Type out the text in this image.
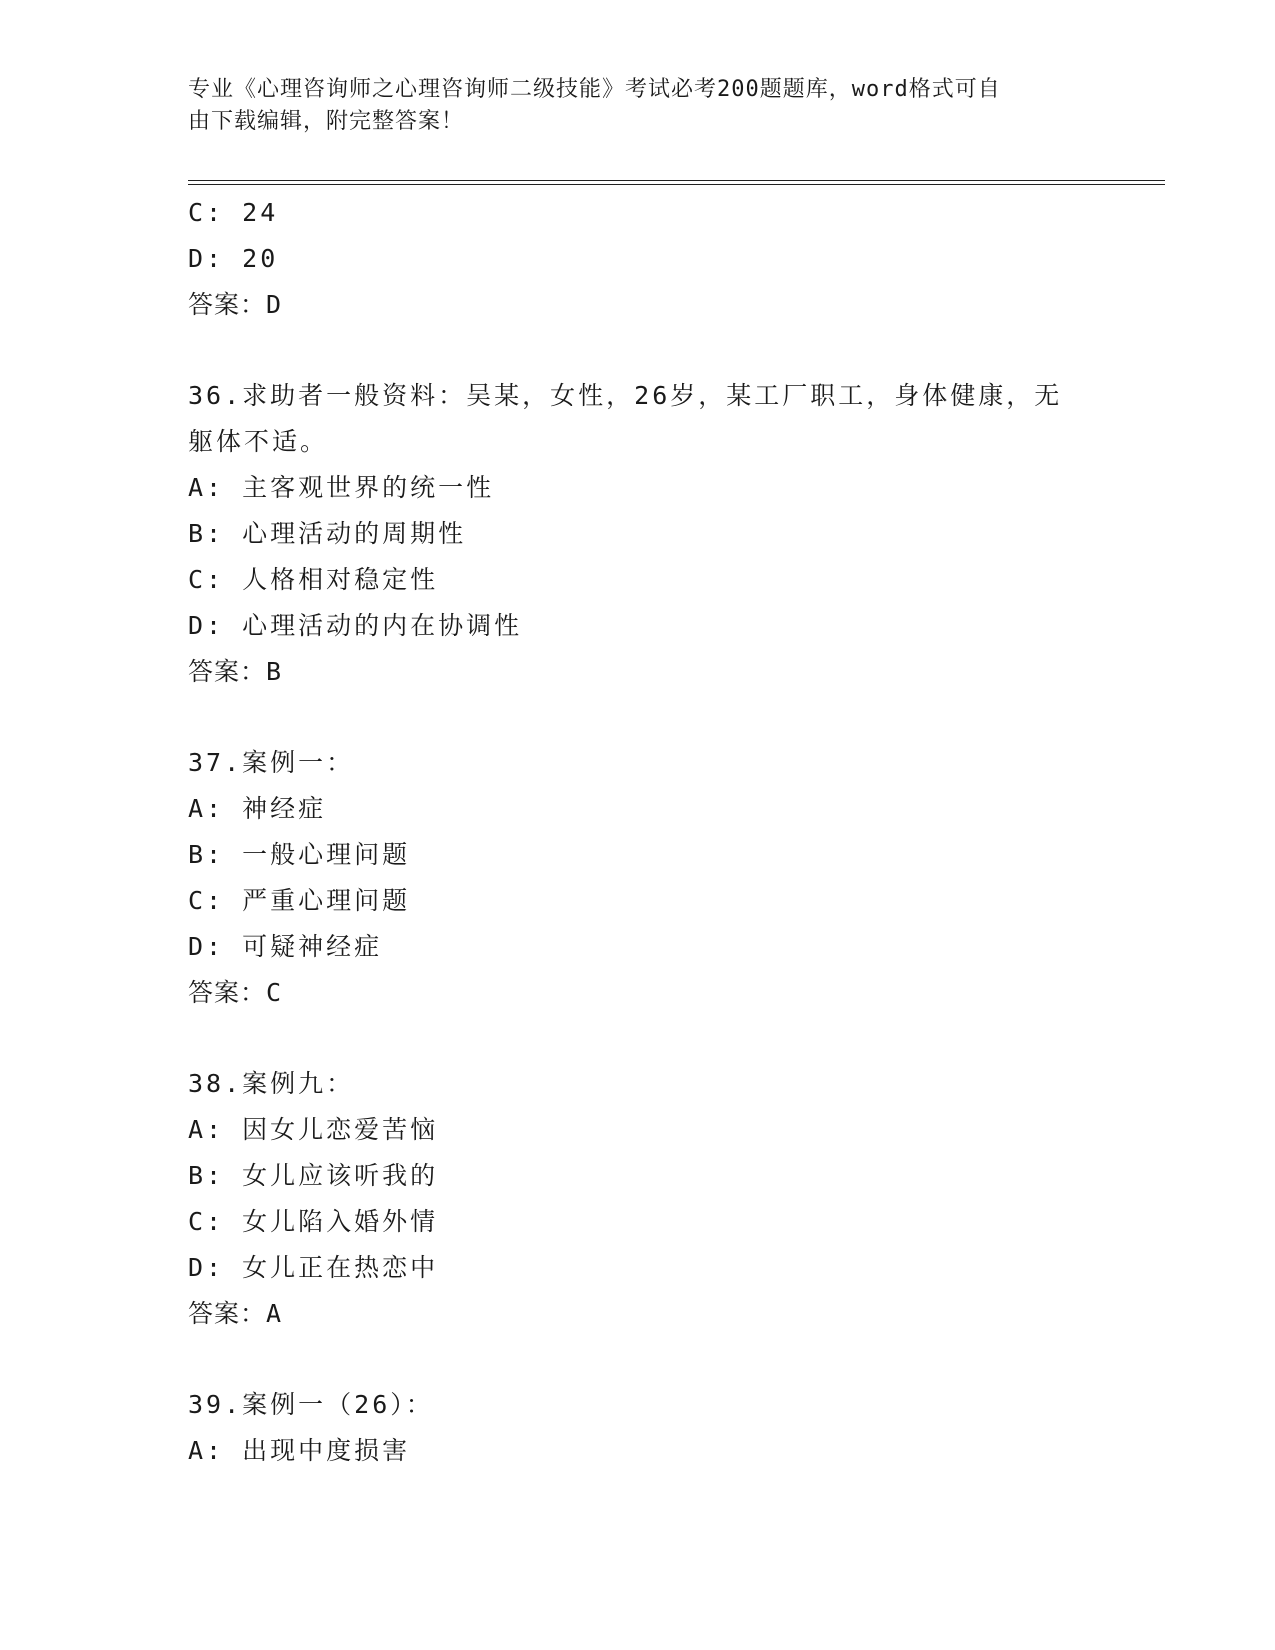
专业《心理咨询师之心理咨询师二级技能》考试必考200题题库，word格式可自
由下载编辑，附完整答案！
C: 24
D: 20
答案：D
36.求助者一般资料：吴某，女性，26岁，某工厂职工，身体健康，无
躯体不适。
A: 主客观世界的统一性
B: 心理活动的周期性
C: 人格相对稳定性
D: 心理活动的内在协调性
答案：B
37.案例一：
A: 神经症
B: 一般心理问题
C: 严重心理问题
D: 可疑神经症
答案：C
38.案例九：
A: 因女儿恋爱苦恼
B: 女儿应该听我的
C: 女儿陷入婚外情
D: 女儿正在热恋中
答案：A
39.案例一（26）：
A: 出现中度损害
